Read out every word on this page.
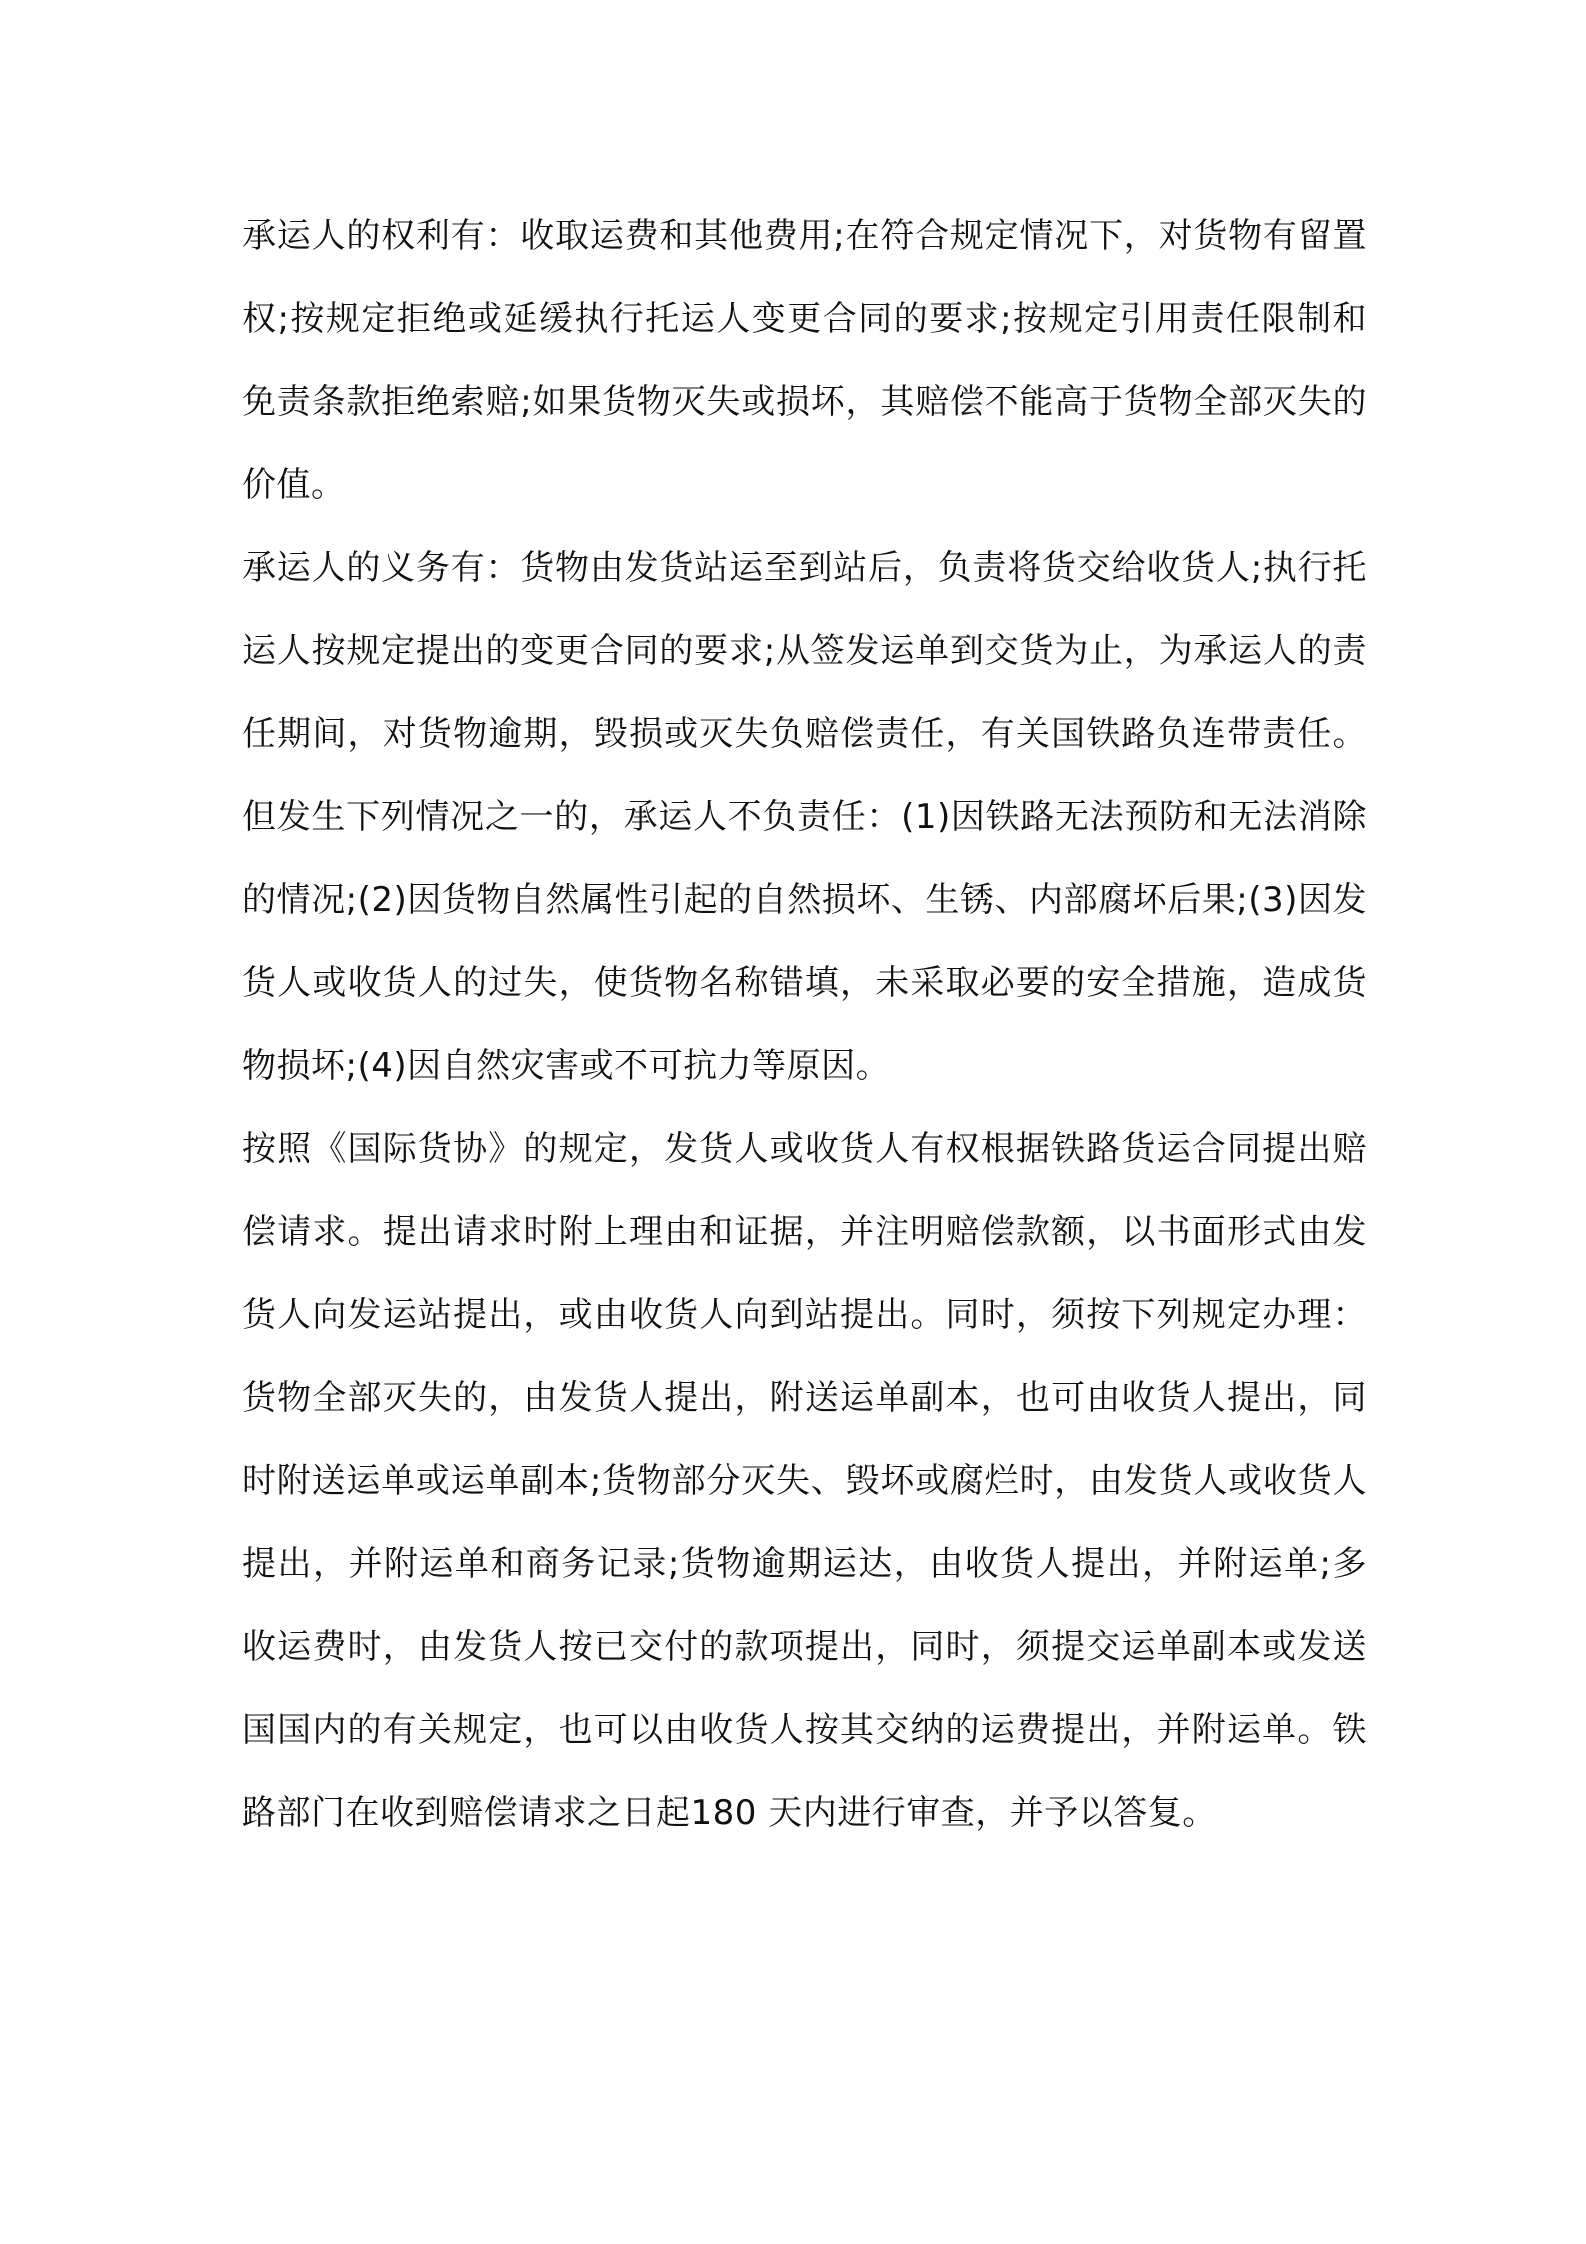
承运人的权利有：收取运费和其他费用;在符合规定情况下，对货物有留置权;按规定拒绝或延缓执行托运人变更合同的要求;按规定引用责任限制和免责条款拒绝索赔;如果货物灭失或损坏，其赔偿不能高于货物全部灭失的价值。

承运人的义务有：货物由发货站运至到站后，负责将货交给收货人;执行托运人按规定提出的变更合同的要求;从签发运单到交货为止，为承运人的责任期间，对货物逾期，毁损或灭失负赔偿责任，有关国铁路负连带责任。但发生下列情况之一的，承运人不负责任：(1)因铁路无法预防和无法消除的情况;(2)因货物自然属性引起的自然损坏、生锈、内部腐坏后果;(3)因发货人或收货人的过失，使货物名称错填，未采取必要的安全措施，造成货物损坏;(4)因自然灾害或不可抗力等原因。

按照《国际货协》的规定，发货人或收货人有权根据铁路货运合同提出赔偿请求。提出请求时附上理由和证据，并注明赔偿款额，以书面形式由发货人向发运站提出，或由收货人向到站提出。同时，须按下列规定办理：货物全部灭失的，由发货人提出，附送运单副本，也可由收货人提出，同时附送运单或运单副本;货物部分灭失、毁坏或腐烂时，由发货人或收货人提出，并附运单和商务记录;货物逾期运达，由收货人提出，并附运单;多收运费时，由发货人按已交付的款项提出，同时，须提交运单副本或发送国国内的有关规定，也可以由收货人按其交纳的运费提出，并附运单。铁路部门在收到赔偿请求之日起180 天内进行审查，并予以答复。
